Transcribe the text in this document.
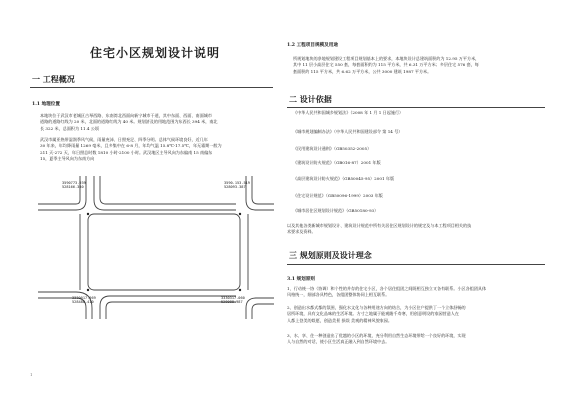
住宅小区规划设计说明
一 工程概况
1.1 地理位置
本地块位于武汉市老城区古琴西路、东南湾北西面向新宁城市干道，其中东面、西面、南面城市
道路的道路红线为 20 米，北面的道路红线为 40 米。规划济及的用地范围为东西长 394 米，南北
长 322 米，总面积为 11.4 公顷
武汉市属亚热带湿润季风气候，雨量充沛、日照充足、四季分明。总体气候环境良好，近几年
30 年来，年均降雨量 1269 毫米，且多集中在 6-8 月，年均气温 15.8℃-17.5℃，年无霜期一般为
211 天-272 天，年日照总时数 1810 小时-2100 小时。武汉地区主导风向为东偏南 15 南偏东
15，夏季主导风向为东南方向
3590773.939
528166.380
3590.153.519
528093.387
3330017.969
528488.410
3330317.060
528088.987
1
1.2 工程项目规模及用途
所规划地块的净地规划建设工程项目规划基本上的要求，本地块设计总建筑面积约为 12.95 万平方米，
其中 11 层小高层住宅 550 套，每套面积约为 115 平方米，共 6.31 万平方米；多层住宅 576 套，每
套面积约 115 平方米，共 6.62 万平方米，公共 3000 建筑 1987 平方米。
二 设计依据
《中华人民共和国城乡规划法》（2008 年 1 月 1 日起施行）
《城市规划编制办法》（中华人民共和国建设部令 第 14 号）
《民用建筑设计通则》（GB50352-2005）
《建筑设计防火规范》（GB016-87）2001 年版
《高层建筑设计防火规范》（GB50045-95）2001 年版
《住宅设计规范》（GB50096-1999）2003 年版
《城市居住区规划设计规范》（GB50180-93）
以及其他各类新城市规划设计、建筑设计规范中所有关居住区规划设计的规定及与本工程项目相关的技
术要求及资料。
三 规划原则及设计理念
3.1 规划原则
1、行动统一协（协调）和个性的并存的住宅小区，各个居住组团之间既相互独立又各有联系。小区各组团具体
风格统一，细部各具特色，各组团整体协同上相互联系。
2、创造出水都式都的氛围，强化水文化与各种用途方向的结合，为小区住户提供丁一个立体舒畅的
居所环境，具有文化品味的生活环境。方寸之地属于能观瞻千寿寒，用创意明设的家园营造人在
人都上登美的娱愿，创造美景 损误 美观的精神风貌家园。
3、水、享、住一种创造出了优越的小区的环境，充分利用自然生态环境带给一个良好的环境，实现
人与自然的对话，使小区生活真正融入到自然环境中去。
